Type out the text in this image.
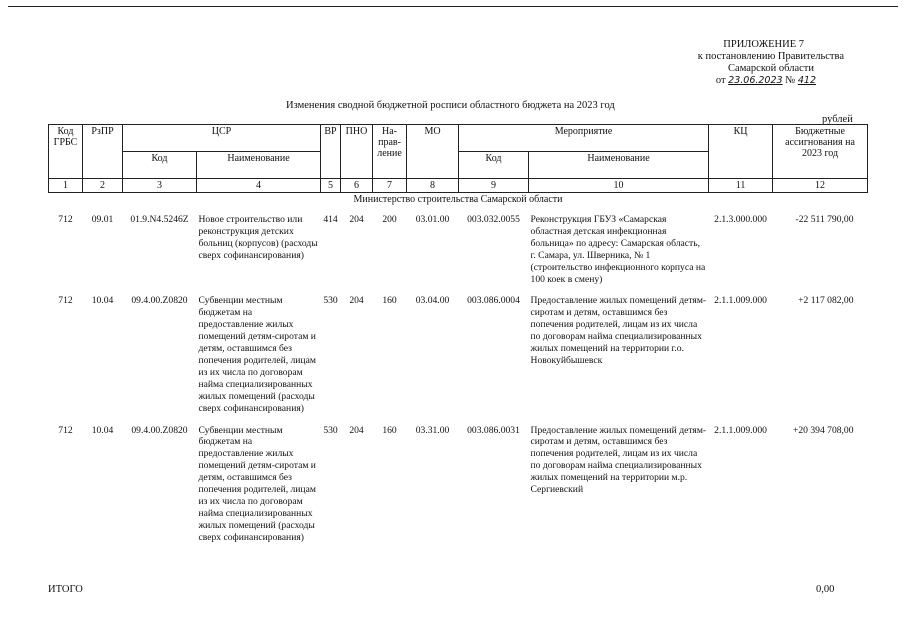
ПРИЛОЖЕНИЕ 7
к постановлению Правительства
Самарской области
от 23.06.2023 № 412
Изменения сводной бюджетной росписи областного бюджета на 2023 год
рублей
Код ГРБС	РзПР	ЦСР		ВР	ПНО	На-прав-ление	МО	Мероприятие		КЦ	Бюджетные ассигнования на 2023 год
		Код	Наименование					Код	Наименование		
1	2	3	4	5	6	7	8	9	10	11	12
Министерство строительства Самарской области											

712	09.01	01.9.N4.5246Z	Новое строительство или реконструкция детских больниц (корпусов) (расходы сверх софинансирования)	414	204	200	03.01.00	003.032.0055	Реконструкция ГБУЗ «Самарская областная детская инфекционная больница» по адресу: Самарская область, г. Самара, ул. Шверника, № 1 (строительство инфекционного корпуса на 100 коек в смену)	2.1.3.000.000	-22 511 790,00

712	10.04	09.4.00.Z0820	Субвенции местным бюджетам на предоставление жилых помещений детям-сиротам и детям, оставшимся без попечения родителей, лицам из их числа по договорам найма специализированных жилых помещений (расходы сверх софинансирования)	530	204	160	03.04.00	003.086.0004	Предоставление жилых помещений детям-сиротам и детям, оставшимся без попечения родителей, лицам из их числа по договорам найма специализированных жилых помещений на территории г.о. Новокуйбышевск	2.1.1.009.000	+2 117 082,00

712	10.04	09.4.00.Z0820	Субвенции местным бюджетам на предоставление жилых помещений детям-сиротам и детям, оставшимся без попечения родителей, лицам из их числа по договорам найма специализированных жилых помещений (расходы сверх софинансирования)	530	204	160	03.31.00	003.086.0031	Предоставление жилых помещений детям-сиротам и детям, оставшимся без попечения родителей, лицам из их числа по договорам найма специализированных жилых помещений на территории м.р. Сергиевский	2.1.1.009.000	+20 394 708,00
ИТОГО	0,00
